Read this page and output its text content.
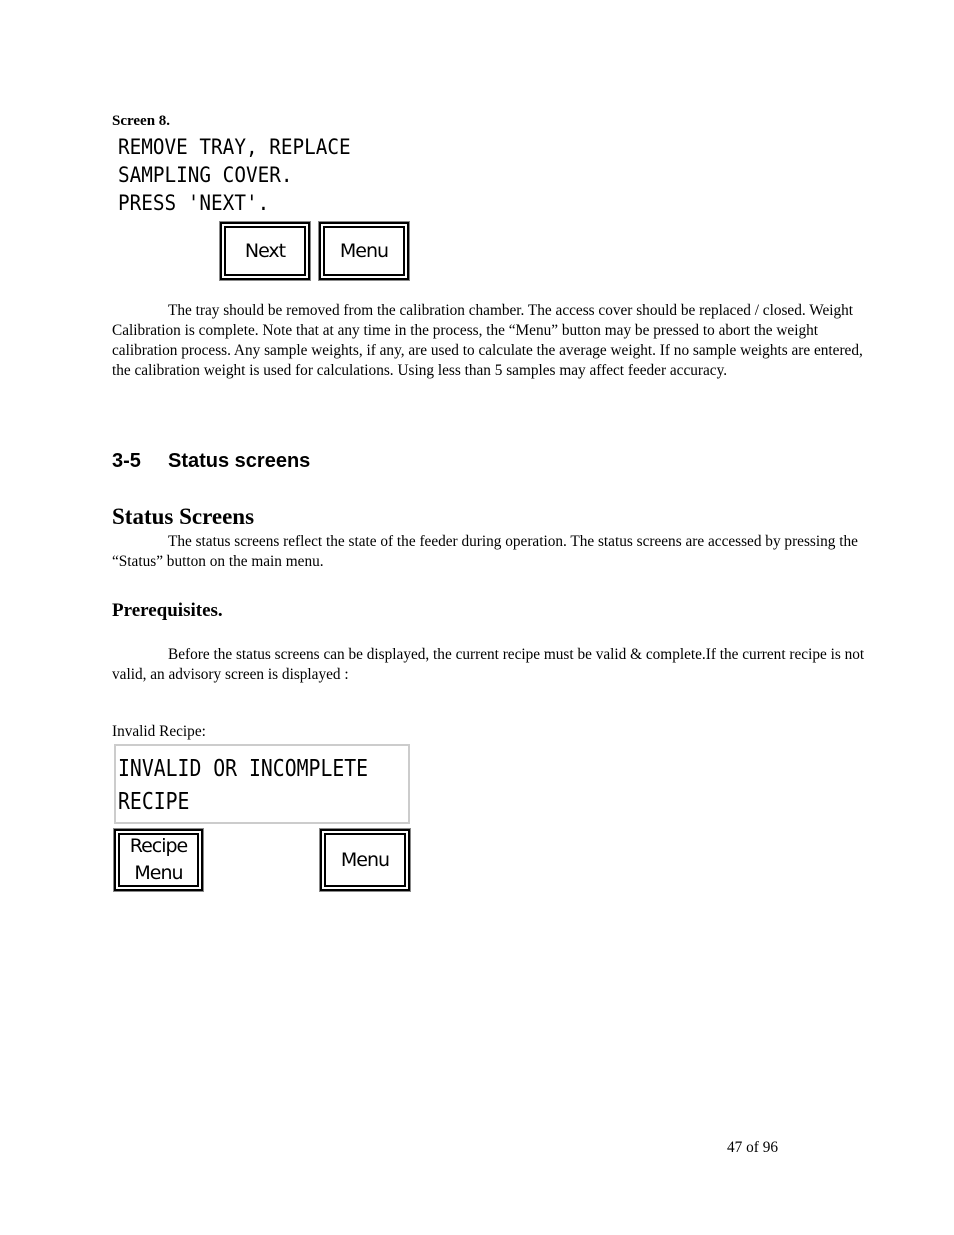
Screen 8.
REMOVE TRAY, REPLACE
SAMPLING COVER.
PRESS 'NEXT'.
Next	Menu

The tray should be removed from the calibration chamber. The access cover should be replaced / closed. Weight Calibration is complete. Note that at any time in the process, the “Menu” button may be pressed to abort the weight calibration process. Any sample weights, if any, are used to calculate the average weight. If no sample weights are entered, the calibration weight is used for calculations. Using less than 5 samples may affect feeder accuracy.

3-5 Status screens
Status Screens

The status screens reflect the state of the feeder during operation. The status screens are accessed by pressing the “Status” button on the main menu.

Prerequisites.

Before the status screens can be displayed, the current recipe must be valid & complete.If the current recipe is not valid, an advisory screen is displayed :

Invalid Recipe:
INVALID OR INCOMPLETE
RECIPE
Recipe
Menu
Menu
47 of 96
